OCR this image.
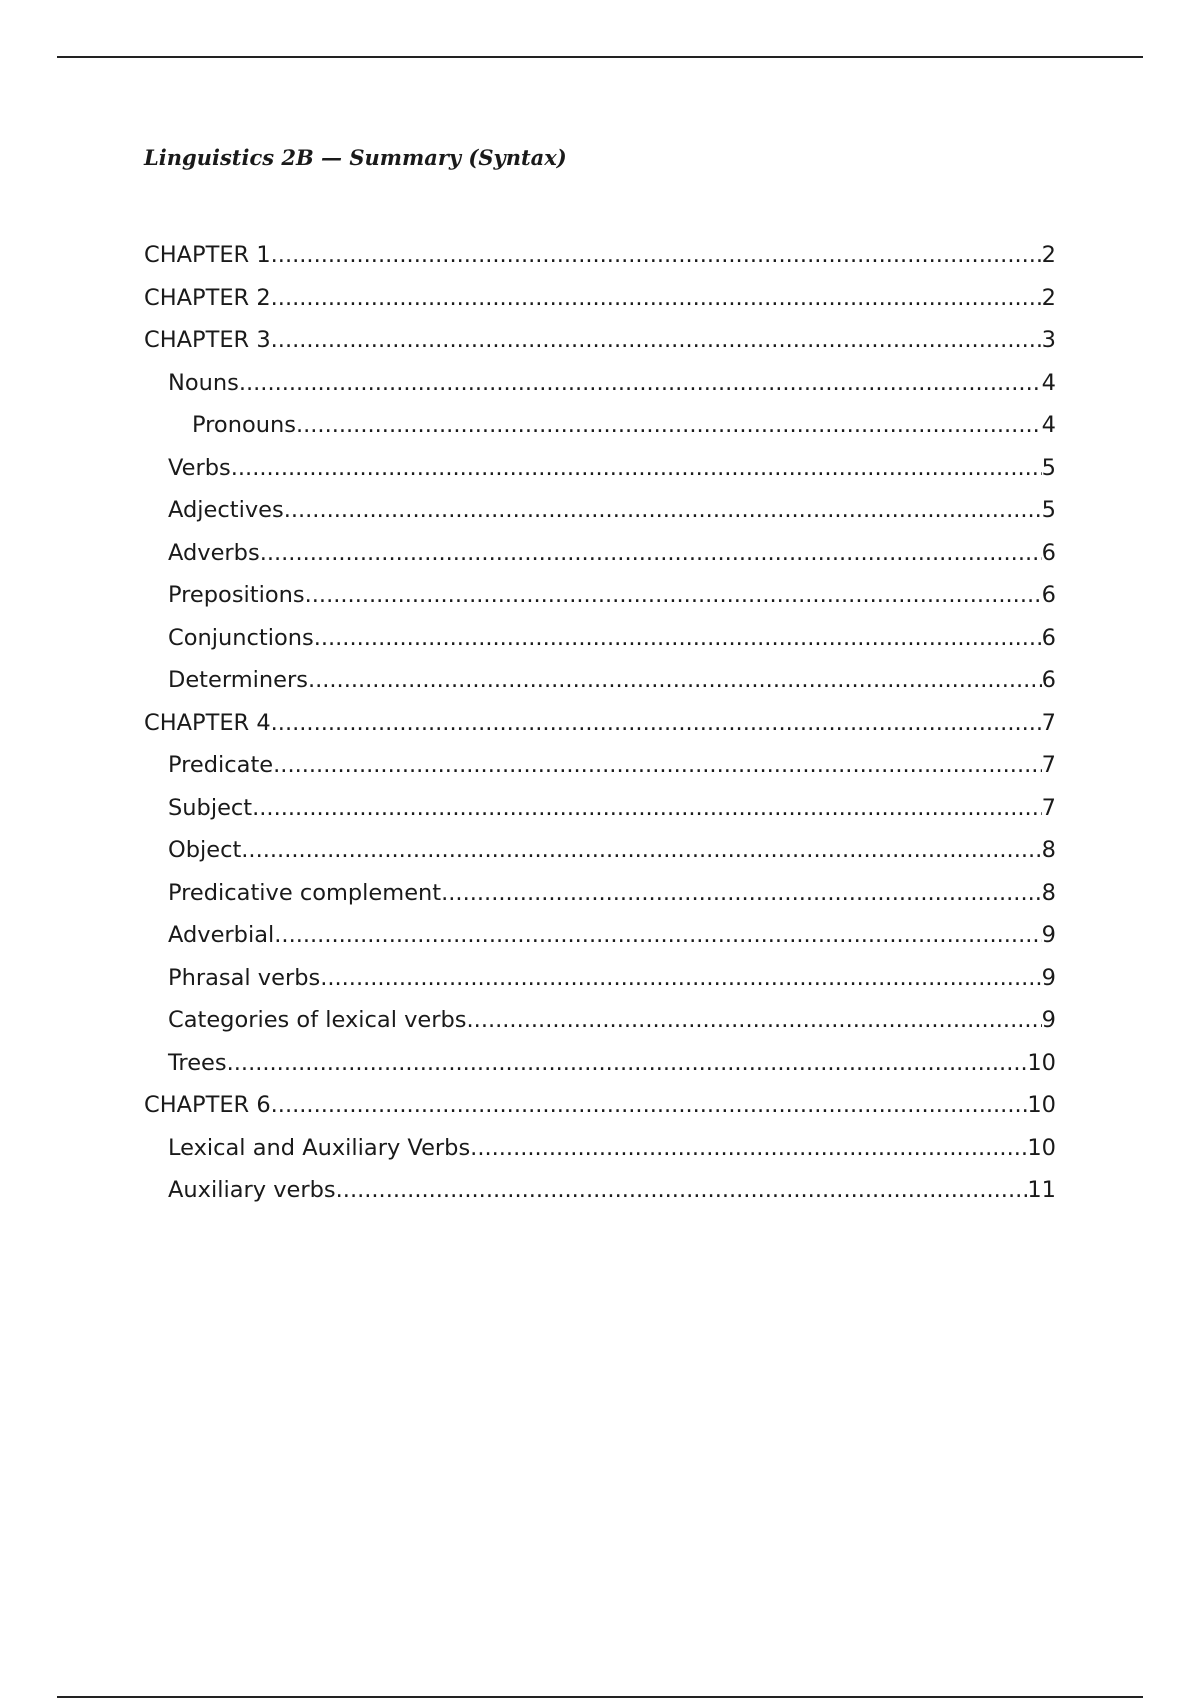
Linguistics 2B — Summary (Syntax)
CHAPTER 1 .....	2
CHAPTER 2 .....	2
CHAPTER 3 .....	3
Nouns .....	4
Pronouns .....	4
Verbs .....	5
Adjectives .....	5
Adverbs .....	6
Prepositions .....	6
Conjunctions .....	6
Determiners .....	6
CHAPTER 4 .....	7
Predicate .....	7
Subject .....	7
Object .....	8
Predicative complement .....	8
Adverbial .....	9
Phrasal verbs .....	9
Categories of lexical verbs .....	9
Trees .....	10
CHAPTER 6 .....	10
Lexical and Auxiliary Verbs .....	10
Auxiliary verbs .....	11
